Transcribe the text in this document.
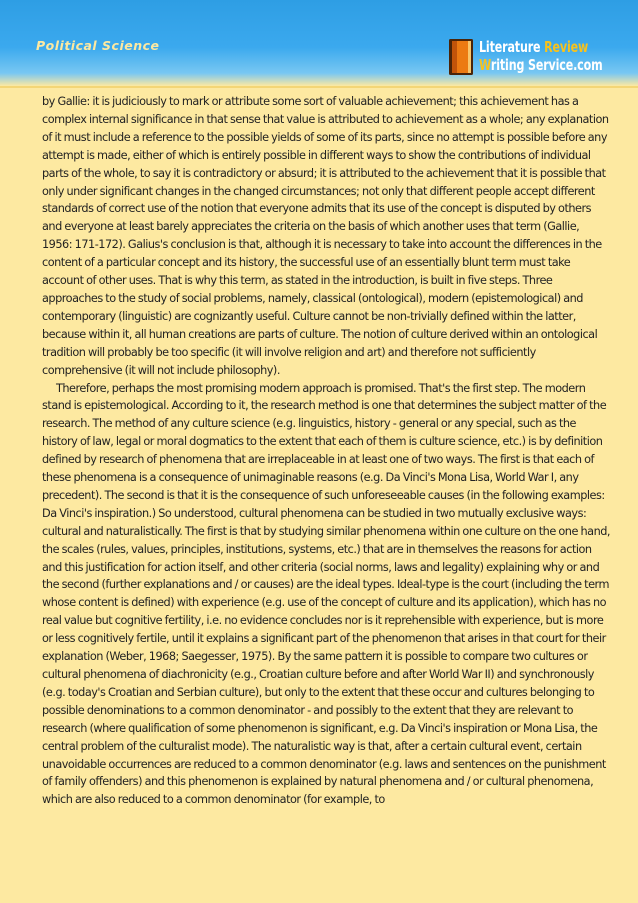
Political Science	Literature Review
Writing Service.com

by Gallie: it is judiciously to mark or attribute some sort of valuable achievement; this achievement has a complex internal significance in that sense that value is attributed to achievement as a whole; any explanation of it must include a reference to the possible yields of some of its parts, since no attempt is possible before any attempt is made, either of which is entirely possible in different ways to show the contributions of individual parts of the whole, to say it is contradictory or absurd; it is attributed to the achievement that it is possible that only under significant changes in the changed circumstances; not only that different people accept different standards of correct use of the notion that everyone admits that its use of the concept is disputed by others and everyone at least barely appreciates the criteria on the basis of which another uses that term (Gallie, 1956: 171-172). Galius's conclusion is that, although it is necessary to take into account the differences in the content of a particular concept and its history, the successful use of an essentially blunt term must take account of other uses. That is why this term, as stated in the introduction, is built in five steps. Three approaches to the study of social problems, namely, classical (ontological), modern (epistemological) and contemporary (linguistic) are cognizantly useful. Culture cannot be non-trivially defined within the latter, because within it, all human creations are parts of culture. The notion of culture derived within an ontological tradition will probably be too specific (it will involve religion and art) and therefore not sufficiently comprehensive (it will not include philosophy).

Therefore, perhaps the most promising modern approach is promised. That's the first step. The modern stand is epistemological. According to it, the research method is one that determines the subject matter of the research. The method of any culture science (e.g. linguistics, history - general or any special, such as the history of law, legal or moral dogmatics to the extent that each of them is culture science, etc.) is by definition defined by research of phenomena that are irreplaceable in at least one of two ways. The first is that each of these phenomena is a consequence of unimaginable reasons (e.g. Da Vinci's Mona Lisa, World War I, any precedent). The second is that it is the consequence of such unforeseeable causes (in the following examples: Da Vinci's inspiration.) So understood, cultural phenomena can be studied in two mutually exclusive ways: cultural and naturalistically. The first is that by studying similar phenomena within one culture on the one hand, the scales (rules, values, principles, institutions, systems, etc.) that are in themselves the reasons for action and this justification for action itself, and other criteria (social norms, laws and legality) explaining why or and the second (further explanations and / or causes) are the ideal types. Ideal-type is the court (including the term whose content is defined) with experience (e.g. use of the concept of culture and its application), which has no real value but cognitive fertility, i.e. no evidence concludes nor is it reprehensible with experience, but is more or less cognitively fertile, until it explains a significant part of the phenomenon that arises in that court for their explanation (Weber, 1968; Saegesser, 1975). By the same pattern it is possible to compare two cultures or cultural phenomena of diachronicity (e.g., Croatian culture before and after World War II) and synchronously (e.g. today's Croatian and Serbian culture), but only to the extent that these occur and cultures belonging to possible denominations to a common denominator - and possibly to the extent that they are relevant to research (where qualification of some phenomenon is significant, e.g. Da Vinci's inspiration or Mona Lisa, the central problem of the culturalist mode). The naturalistic way is that, after a certain cultural event, certain unavoidable occurrences are reduced to a common denominator (e.g. laws and sentences on the punishment of family offenders) and this phenomenon is explained by natural phenomena and / or cultural phenomena, which are also reduced to a common denominator (for example, to
